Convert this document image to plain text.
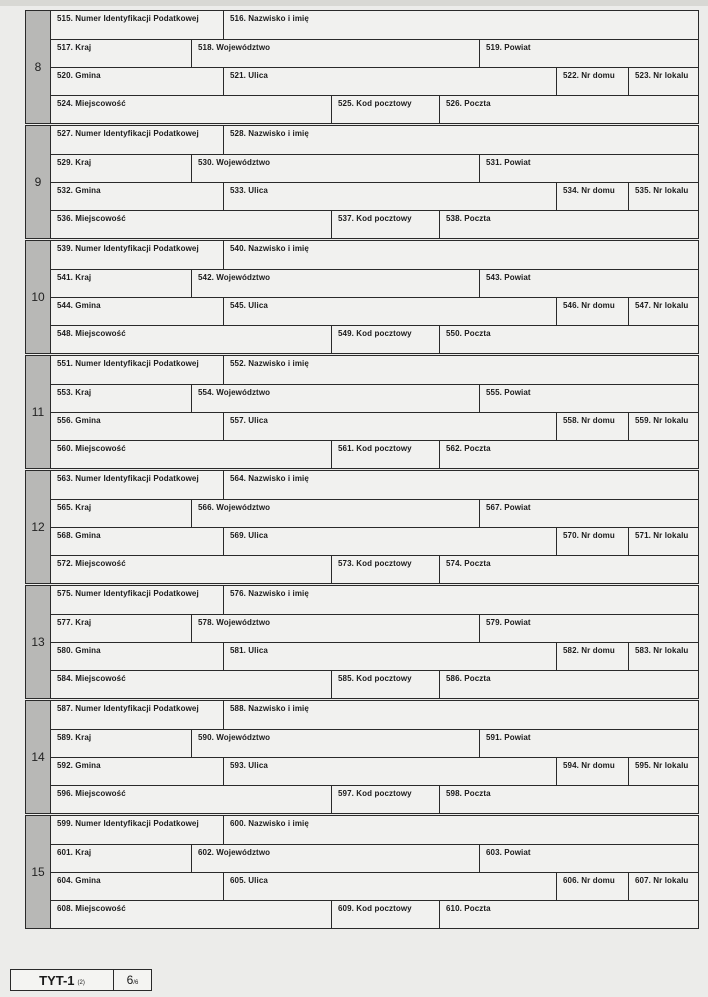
8
515. Numer Identyfikacji Podatkowej	516. Nazwisko i imię
517. Kraj	518. Województwo	519. Powiat
520. Gmina	521. Ulica	522. Nr domu	523. Nr lokalu
524. Miejscowość	525. Kod pocztowy	526. Poczta
9
527. Numer Identyfikacji Podatkowej	528. Nazwisko i imię
529. Kraj	530. Województwo	531. Powiat
532. Gmina	533. Ulica	534. Nr domu	535. Nr lokalu
536. Miejscowość	537. Kod pocztowy	538. Poczta
10
539. Numer Identyfikacji Podatkowej	540. Nazwisko i imię
541. Kraj	542. Województwo	543. Powiat
544. Gmina	545. Ulica	546. Nr domu	547. Nr lokalu
548. Miejscowość	549. Kod pocztowy	550. Poczta
11
551. Numer Identyfikacji Podatkowej	552. Nazwisko i imię
553. Kraj	554. Województwo	555. Powiat
556. Gmina	557. Ulica	558. Nr domu	559. Nr lokalu
560. Miejscowość	561. Kod pocztowy	562. Poczta
12
563. Numer Identyfikacji Podatkowej	564. Nazwisko i imię
565. Kraj	566. Województwo	567. Powiat
568. Gmina	569. Ulica	570. Nr domu	571. Nr lokalu
572. Miejscowość	573. Kod pocztowy	574. Poczta
13
575. Numer Identyfikacji Podatkowej	576. Nazwisko i imię
577. Kraj	578. Województwo	579. Powiat
580. Gmina	581. Ulica	582. Nr domu	583. Nr lokalu
584. Miejscowość	585. Kod pocztowy	586. Poczta
14
587. Numer Identyfikacji Podatkowej	588. Nazwisko i imię
589. Kraj	590. Województwo	591. Powiat
592. Gmina	593. Ulica	594. Nr domu	595. Nr lokalu
596. Miejscowość	597. Kod pocztowy	598. Poczta
15
599. Numer Identyfikacji Podatkowej	600. Nazwisko i imię
601. Kraj	602. Województwo	603. Powiat
604. Gmina	605. Ulica	606. Nr domu	607. Nr lokalu
608. Miejscowość	609. Kod pocztowy	610. Poczta
TYT-1 (2)	6 /6
